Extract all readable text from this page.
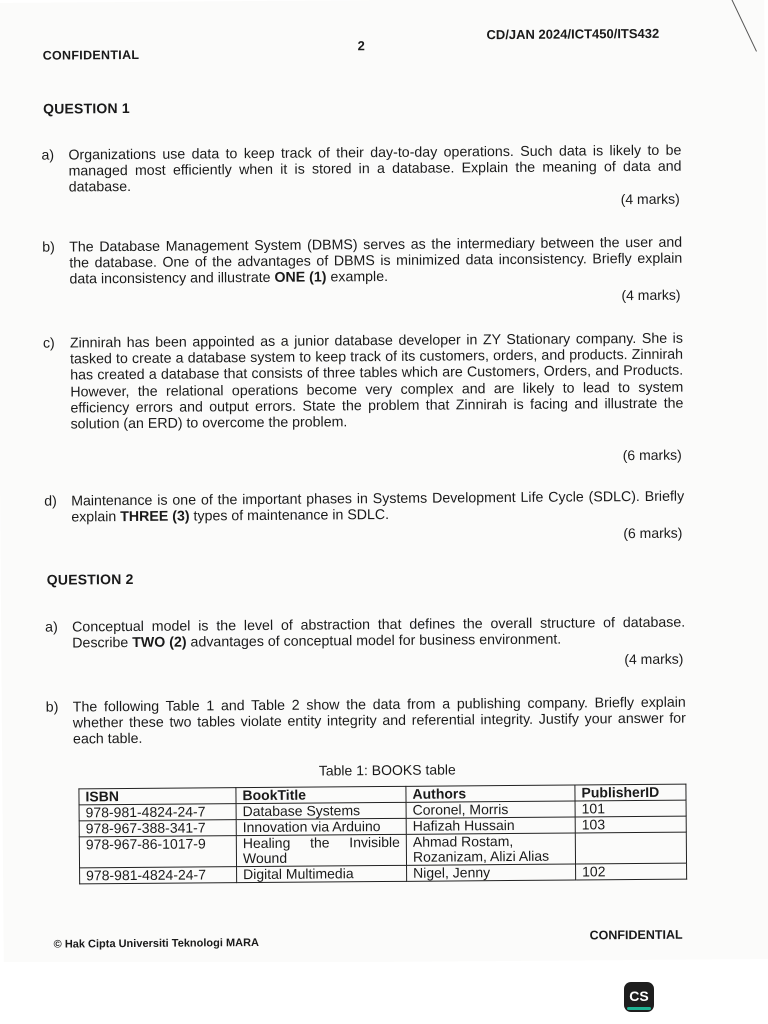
CONFIDENTIAL
2
CD/JAN 2024/ICT450/ITS432
QUESTION 1
a)	Organizations use data to keep track of their day-to-day operations. Such data is likely to be managed most efficiently when it is stored in a database. Explain the meaning of data and database.
(4 marks)
b)	The Database Management System (DBMS) serves as the intermediary between the user and the database. One of the advantages of DBMS is minimized data inconsistency. Briefly explain data inconsistency and illustrate ONE (1) example.
(4 marks)
c)	Zinnirah has been appointed as a junior database developer in ZY Stationary company. She is tasked to create a database system to keep track of its customers, orders, and products. Zinnirah has created a database that consists of three tables which are Customers, Orders, and Products. However, the relational operations become very complex and are likely to lead to system efficiency errors and output errors. State the problem that Zinnirah is facing and illustrate the solution (an ERD) to overcome the problem.
(6 marks)
d)	Maintenance is one of the important phases in Systems Development Life Cycle (SDLC). Briefly explain THREE (3) types of maintenance in SDLC.
(6 marks)
QUESTION 2
a)	Conceptual model is the level of abstraction that defines the overall structure of database. Describe TWO (2) advantages of conceptual model for business environment.
(4 marks)
b)	The following Table 1 and Table 2 show the data from a publishing company. Briefly explain whether these two tables violate entity integrity and referential integrity. Justify your answer for each table.
Table 1: BOOKS table
ISBN	BookTitle	Authors	PublisherID
978-981-4824-24-7	Database Systems	Coronel, Morris	101
978-967-388-341-7	Innovation via Arduino	Hafizah Hussain	103
978-967-86-1017-9	Healing the Invisible Wound	Ahmad Rostam, Rozanizam, Alizi Alias	
978-981-4824-24-7	Digital Multimedia	Nigel, Jenny	102
© Hak Cipta Universiti Teknologi MARA
CONFIDENTIAL
CS
